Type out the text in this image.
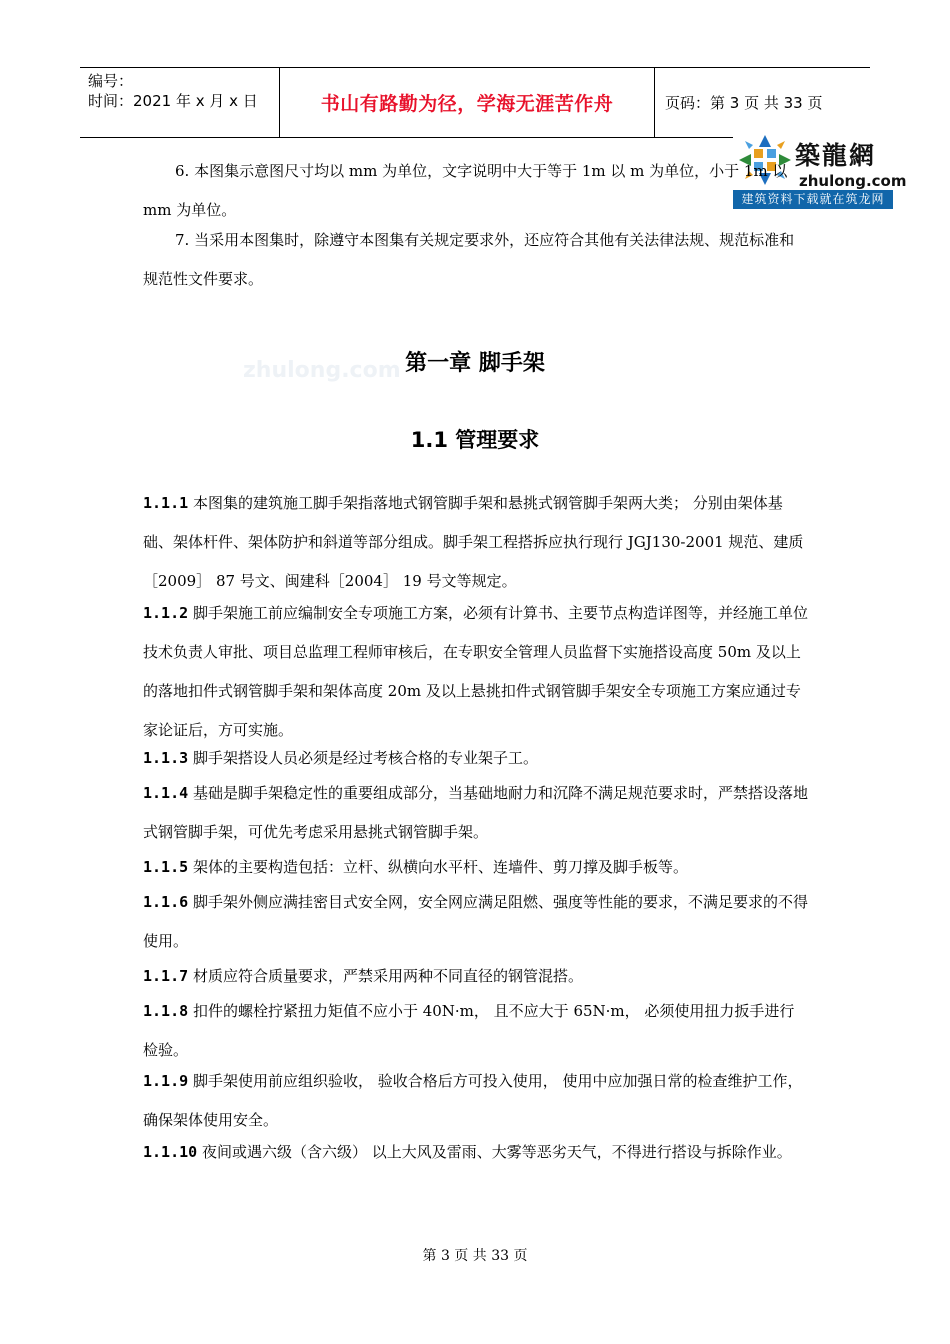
编号：
时间：2021 年 x 月 x 日	书山有路勤为径，学海无涯苦作舟	页码：第 3 页 共 33 页
築龍網
zhulong.com
建筑资料下载就在筑龙网

6. 本图集示意图尺寸均以 mm 为单位，文字说明中大于等于 1m 以 m 为单位，小于 1m 以 mm 为单位。

7. 当采用本图集时，除遵守本图集有关规定要求外，还应符合其他有关法律法规、规范标准和规范性文件要求。

zhulong.com 第一章 脚手架
1.1 管理要求

1.1.1 本图集的建筑施工脚手架指落地式钢管脚手架和悬挑式钢管脚手架两大类； 分别由架体基础、架体杆件、架体防护和斜道等部分组成。脚手架工程搭拆应执行现行 JGJ130-2001 规范、建质［2009］ 87 号文、闽建科［2004］ 19 号文等规定。

1.1.2 脚手架施工前应编制安全专项施工方案，必须有计算书、主要节点构造详图等，并经施工单位技术负责人审批、项目总监理工程师审核后，在专职安全管理人员监督下实施搭设高度 50m 及以上的落地扣件式钢管脚手架和架体高度 20m 及以上悬挑扣件式钢管脚手架安全专项施工方案应通过专家论证后，方可实施。

1.1.3 脚手架搭设人员必须是经过考核合格的专业架子工。

1.1.4 基础是脚手架稳定性的重要组成部分，当基础地耐力和沉降不满足规范要求时，严禁搭设落地式钢管脚手架，可优先考虑采用悬挑式钢管脚手架。

1.1.5 架体的主要构造包括：立杆、纵横向水平杆、连墙件、剪刀撑及脚手板等。

1.1.6 脚手架外侧应满挂密目式安全网，安全网应满足阻燃、强度等性能的要求，不满足要求的不得使用。

1.1.7 材质应符合质量要求，严禁采用两种不同直径的钢管混搭。

1.1.8 扣件的螺栓拧紧扭力矩值不应小于 40N·m， 且不应大于 65N·m， 必须使用扭力扳手进行检验。

1.1.9 脚手架使用前应组织验收， 验收合格后方可投入使用， 使用中应加强日常的检查维护工作，确保架体使用安全。

1.1.10 夜间或遇六级（含六级） 以上大风及雷雨、大雾等恶劣天气，不得进行搭设与拆除作业。

第 3 页 共 33 页
